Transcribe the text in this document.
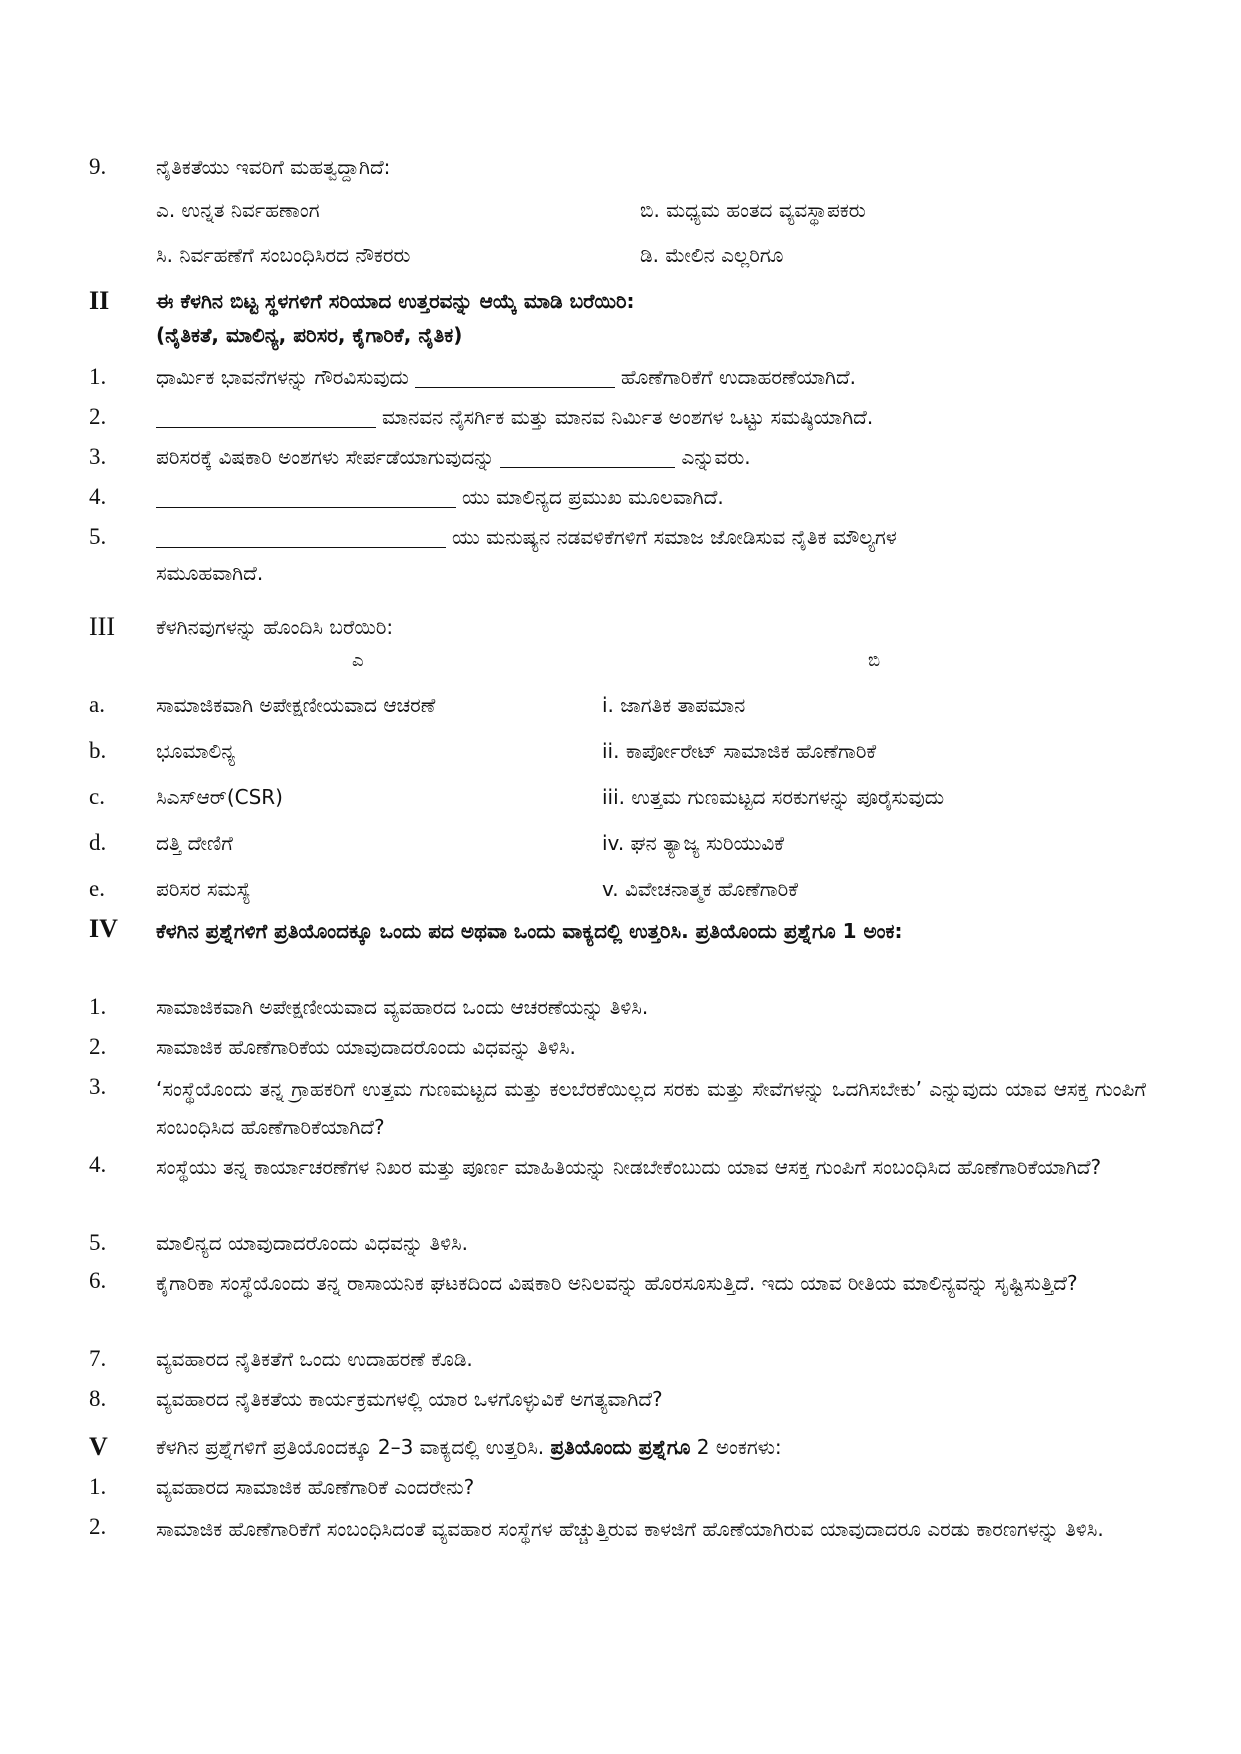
9. ನೈತಿಕತೆಯು ಇವರಿಗೆ ಮಹತ್ವದ್ದಾಗಿದೆ:
ಎ. ಉನ್ನತ ನಿರ್ವಹಣಾಂಗ	ಬಿ. ಮಧ್ಯಮ ಹಂತದ ವ್ಯವಸ್ಥಾಪಕರು
ಸಿ. ನಿರ್ವಹಣೆಗೆ ಸಂಬಂಧಿಸಿರದ ನೌಕರರು	ಡಿ. ಮೇಲಿನ ಎಲ್ಲರಿಗೂ
II ಈ ಕೆಳಗಿನ ಬಿಟ್ಟ ಸ್ಥಳಗಳಿಗೆ ಸರಿಯಾದ ಉತ್ತರವನ್ನು ಆಯ್ಕೆ ಮಾಡಿ ಬರೆಯಿರಿ:
(ನೈತಿಕತೆ, ಮಾಲಿನ್ಯ, ಪರಿಸರ, ಕೈಗಾರಿಕೆ, ನೈತಿಕ)
1. ಧಾರ್ಮಿಕ ಭಾವನೆಗಳನ್ನು ಗೌರವಿಸುವುದು	ಹೊಣೆಗಾರಿಕೆಗೆ ಉದಾಹರಣೆಯಾಗಿದೆ.
2.	ಮಾನವನ ನೈಸರ್ಗಿಕ ಮತ್ತು ಮಾನವ ನಿರ್ಮಿತ ಅಂಶಗಳ ಒಟ್ಟು ಸಮಷ್ಠಿಯಾಗಿದೆ.
3. ಪರಿಸರಕ್ಕೆ ವಿಷಕಾರಿ ಅಂಶಗಳು ಸೇರ್ಪಡೆಯಾಗುವುದನ್ನು	ಎನ್ನುವರು.
4.	ಯು ಮಾಲಿನ್ಯದ ಪ್ರಮುಖ ಮೂಲವಾಗಿದೆ.
5.	ಯು ಮನುಷ್ಯನ ನಡವಳಿಕೆಗಳಿಗೆ ಸಮಾಜ ಜೋಡಿಸುವ ನೈತಿಕ ಮೌಲ್ಯಗಳ
ಸಮೂಹವಾಗಿದೆ.
III ಕೆಳಗಿನವುಗಳನ್ನು ಹೊಂದಿಸಿ ಬರೆಯಿರಿ:
ಎ	ಬಿ
a.	ಸಾಮಾಜಿಕವಾಗಿ ಅಪೇಕ್ಷಣೀಯವಾದ ಆಚರಣೆ	i. ಜಾಗತಿಕ ತಾಪಮಾನ
b. ಭೂಮಾಲಿನ್ಯ	ii. ಕಾರ್ಪೋರೇಟ್ ಸಾಮಾಜಿಕ ಹೊಣೆಗಾರಿಕೆ
c.	ಸಿಎಸ್‌ಆರ್(CSR)	iii. ಉತ್ತಮ ಗುಣಮಟ್ಟದ ಸರಕುಗಳನ್ನು ಪೂರೈಸುವುದು
d. ದತ್ತಿ ದೇಣಿಗೆ	iv. ಘನ ತ್ಯಾಜ್ಯ ಸುರಿಯುವಿಕೆ
e.	ಪರಿಸರ ಸಮಸ್ಯೆ	v. ವಿವೇಚನಾತ್ಮಕ ಹೊಣೆಗಾರಿಕೆ
IV ಕೆಳಗಿನ ಪ್ರಶ್ನೆಗಳಿಗೆ ಪ್ರತಿಯೊಂದಕ್ಕೂ ಒಂದು ಪದ ಅಥವಾ ಒಂದು ವಾಕ್ಯದಲ್ಲಿ ಉತ್ತರಿಸಿ. ಪ್ರತಿಯೊಂದು ಪ್ರಶ್ನೆಗೂ 1 ಅಂಕ:
1. ಸಾಮಾಜಿಕವಾಗಿ ಅಪೇಕ್ಷಣೀಯವಾದ ವ್ಯವಹಾರದ ಒಂದು ಆಚರಣೆಯನ್ನು ತಿಳಿಸಿ.
2. ಸಾಮಾಜಿಕ ಹೊಣೆಗಾರಿಕೆಯ ಯಾವುದಾದರೊಂದು ವಿಧವನ್ನು ತಿಳಿಸಿ.
3. ‘ಸಂಸ್ಥೆಯೊಂದು ತನ್ನ ಗ್ರಾಹಕರಿಗೆ ಉತ್ತಮ ಗುಣಮಟ್ಟದ ಮತ್ತು ಕಲಬೆರಕೆಯಿಲ್ಲದ ಸರಕು ಮತ್ತು ಸೇವೆಗಳನ್ನು ಒದಗಿಸಬೇಕು’ ಎನ್ನುವುದು ಯಾವ ಆಸಕ್ತ ಗುಂಪಿಗೆ ಸಂಬಂಧಿಸಿದ ಹೊಣೆಗಾರಿಕೆಯಾಗಿದೆ?
4. ಸಂಸ್ಥೆಯು ತನ್ನ ಕಾರ್ಯಾಚರಣೆಗಳ ನಿಖರ ಮತ್ತು ಪೂರ್ಣ ಮಾಹಿತಿಯನ್ನು ನೀಡಬೇಕೆಂಬುದು ಯಾವ ಆಸಕ್ತ ಗುಂಪಿಗೆ ಸಂಬಂಧಿಸಿದ ಹೊಣೆಗಾರಿಕೆಯಾಗಿದೆ?
5. ಮಾಲಿನ್ಯದ ಯಾವುದಾದರೊಂದು ವಿಧವನ್ನು ತಿಳಿಸಿ.
6. ಕೈಗಾರಿಕಾ ಸಂಸ್ಥೆಯೊಂದು ತನ್ನ ರಾಸಾಯನಿಕ ಘಟಕದಿಂದ ವಿಷಕಾರಿ ಅನಿಲವನ್ನು ಹೊರಸೂಸುತ್ತಿದೆ. ಇದು ಯಾವ ರೀತಿಯ ಮಾಲಿನ್ಯವನ್ನು ಸೃಷ್ಟಿಸುತ್ತಿದೆ?
7. ವ್ಯವಹಾರದ ನೈತಿಕತೆಗೆ ಒಂದು ಉದಾಹರಣೆ ಕೊಡಿ.
8. ವ್ಯವಹಾರದ ನೈತಿಕತೆಯ ಕಾರ್ಯಕ್ರಮಗಳಲ್ಲಿ ಯಾರ ಒಳಗೊಳ್ಳುವಿಕೆ ಅಗತ್ಯವಾಗಿದೆ?
V ಕೆಳಗಿನ ಪ್ರಶ್ನೆಗಳಿಗೆ ಪ್ರತಿಯೊಂದಕ್ಕೂ 2–3 ವಾಕ್ಯದಲ್ಲಿ ಉತ್ತರಿಸಿ. ಪ್ರತಿಯೊಂದು ಪ್ರಶ್ನೆಗೂ 2 ಅಂಕಗಳು:
1. ವ್ಯವಹಾರದ ಸಾಮಾಜಿಕ ಹೊಣೆಗಾರಿಕೆ ಎಂದರೇನು?
2. ಸಾಮಾಜಿಕ ಹೊಣೆಗಾರಿಕೆಗೆ ಸಂಬಂಧಿಸಿದಂತೆ ವ್ಯವಹಾರ ಸಂಸ್ಥೆಗಳ ಹೆಚ್ಚುತ್ತಿರುವ ಕಾಳಜಿಗೆ ಹೊಣೆಯಾಗಿರುವ ಯಾವುದಾದರೂ ಎರಡು ಕಾರಣಗಳನ್ನು ತಿಳಿಸಿ.
